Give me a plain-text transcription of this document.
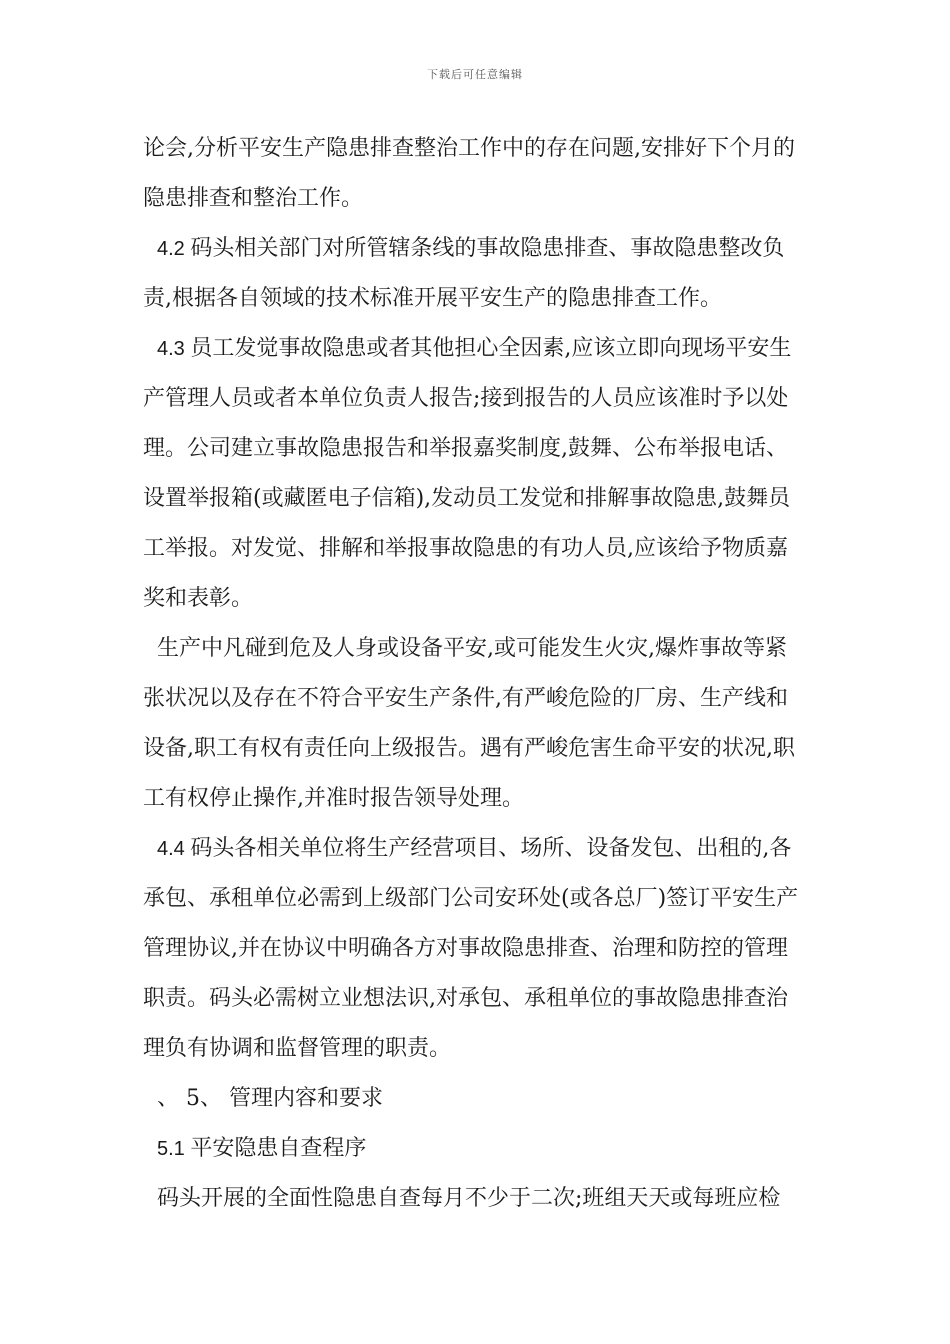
下载后可任意编辑
论会,分析平安生产隐患排查整治工作中的存在问题,安排好下个月的
隐患排查和整治工作。
4.2 码头相关部门对所管辖条线的事故隐患排查、事故隐患整改负
责,根据各自领域的技术标准开展平安生产的隐患排查工作。
4.3 员工发觉事故隐患或者其他担心全因素,应该立即向现场平安生
产管理人员或者本单位负责人报告;接到报告的人员应该准时予以处
理。公司建立事故隐患报告和举报嘉奖制度,鼓舞、公布举报电话、
设置举报箱(或藏匿电子信箱),发动员工发觉和排解事故隐患,鼓舞员
工举报。对发觉、排解和举报事故隐患的有功人员,应该给予物质嘉
奖和表彰。
生产中凡碰到危及人身或设备平安,或可能发生火灾,爆炸事故等紧
张状况以及存在不符合平安生产条件,有严峻危险的厂房、生产线和
设备,职工有权有责任向上级报告。遇有严峻危害生命平安的状况,职
工有权停止操作,并准时报告领导处理。
4.4 码头各相关单位将生产经营项目、场所、设备发包、出租的,各
承包、承租单位必需到上级部门公司安环处(或各总厂)签订平安生产
管理协议,并在协议中明确各方对事故隐患排查、治理和防控的管理
职责。码头必需树立业想法识,对承包、承租单位的事故隐患排查治
理负有协调和监督管理的职责。
、 5、 管理内容和要求
5.1 平安隐患自查程序
码头开展的全面性隐患自查每月不少于二次;班组天天或每班应检
